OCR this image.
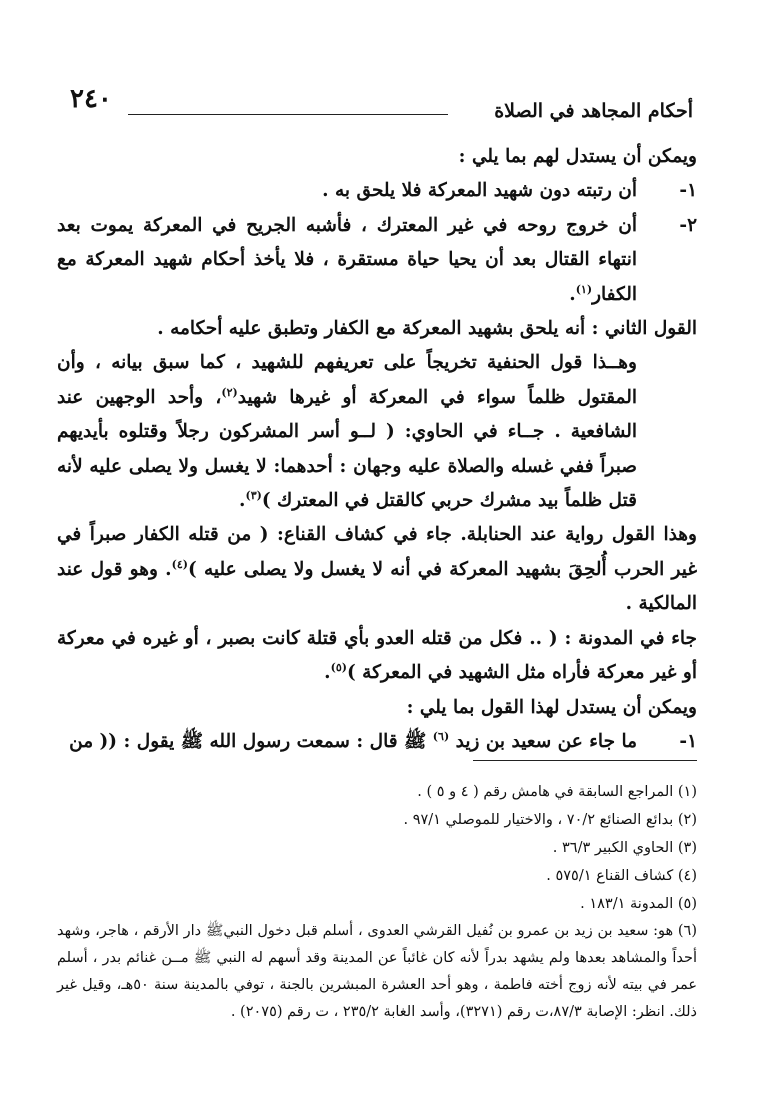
٢٤٠	أحكام المجاهد في الصلاة

ويمكن أن يستدل لهم بما يلي :

١-
أن رتبته دون شهيد المعركة فلا يلحق به .
٢-
أن خروج روحه في غير المعترك ، فأشبه الجريح في المعركة يموت بعد انتهاء القتال بعد أن يحيا حياة مستقرة ، فلا يأخذ أحكام شهيد المعركة مع الكفار$^{(١)}$.

القول الثاني : أنه يلحق بشهيد المعركة مع الكفار وتطبق عليه أحكامه .

وهــذا قول الحنفية تخريجاً على تعريفهم للشهيد ، كما سبق بيانه ، وأن المقتول ظلماً سواء في المعركة أو غيرها شهيد$^{(٢)}$، وأحد الوجهين عند الشافعية . جــاء في الحاوي: ( لــو أسر المشركون رجلاً وقتلوه بأيديهم صبراً ففي غسله والصلاة عليه وجهان : أحدهما: لا يغسل ولا يصلى عليه لأنه قتل ظلماً بيد مشرك حربي كالقتل في المعترك )$^{(٣)}$.

وهذا القول رواية عند الحنابلة. جاء في كشاف القناع: ( من قتله الكفار صبراً في غير الحرب أُلحِقَ بشهيد المعركة في أنه لا يغسل ولا يصلى عليه )$^{(٤)}$. وهو قول عند المالكية .

جاء في المدونة : ( .. فكل من قتله العدو بأي قتلة كانت بصبر ، أو غيره في معركة أو غير معركة فأراه مثل الشهيد في المعركة )$^{(٥)}$.

ويمكن أن يستدل لهذا القول بما يلي :

١-
ما جاء عن سعيد بن زيد $^{(٦)}$ ﷺ قال : سمعت رسول الله ﷺ يقول : (( من

(١) المراجع السابقة في هامش رقم ( ٤ و ٥ ) .

(٢) بدائع الصنائع ٧٠/٢ ، والاختيار للموصلي ٩٧/١ .

(٣) الحاوي الكبير ٣٦/٣ .

(٤) كشاف القناع ٥٧٥/١ .

(٥) المدونة ١٨٣/١ .

(٦) هو: سعيد بن زيد بن عمرو بن نُفيل القرشي العدوى ، أسلم قبل دخول النبيﷺ دار الأرقم ، هاجر، وشهد أحداً والمشاهد بعدها ولم يشهد بدراً لأنه كان غائباً عن المدينة وقد أسهم له النبي ﷺ مــن غنائم بدر ، أسلم عمر في بيته لأنه زوج أخته فاطمة ، وهو أحد العشرة المبشرين بالجنة ، توفي بالمدينة سنة ٥٠هـ، وقيل غير ذلك. انظر: الإصابة ٨٧/٣،ت رقم (٣٢٧١)، وأسد الغابة ٢٣٥/٢ ، ت رقم (٢٠٧٥) .
